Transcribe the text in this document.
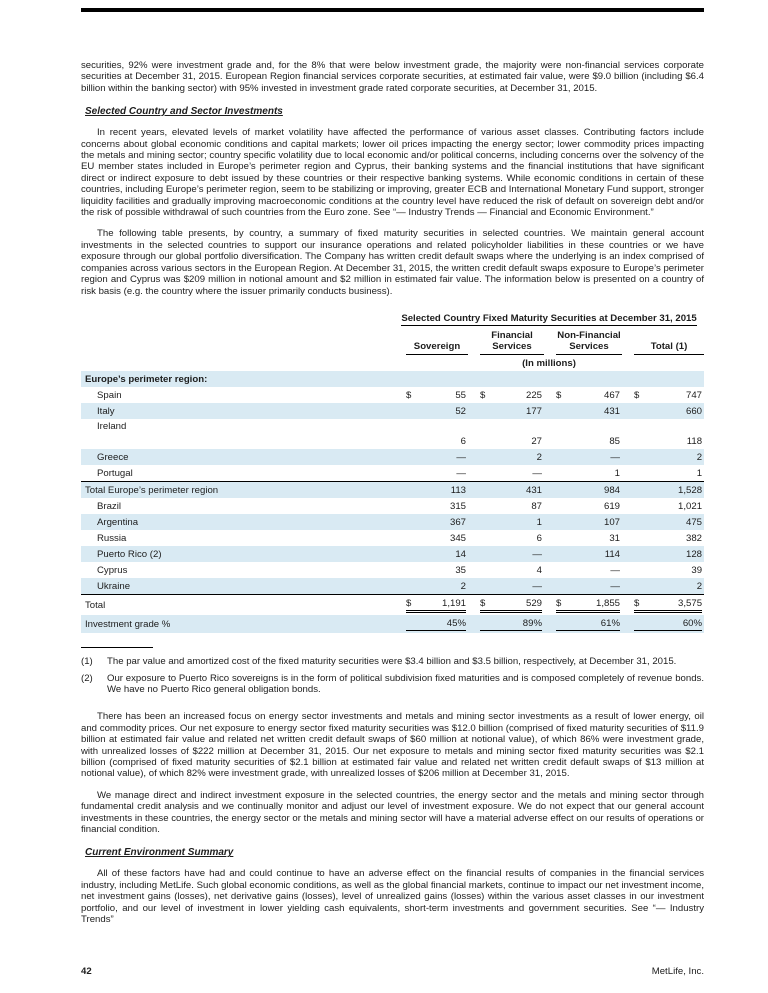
securities, 92% were investment grade and, for the 8% that were below investment grade, the majority were non-financial services corporate securities at December 31, 2015. European Region financial services corporate securities, at estimated fair value, were $9.0 billion (including $6.4 billion within the banking sector) with 95% invested in investment grade rated corporate securities, at December 31, 2015.

Selected Country and Sector Investments

In recent years, elevated levels of market volatility have affected the performance of various asset classes. Contributing factors include concerns about global economic conditions and capital markets; lower oil prices impacting the energy sector; lower commodity prices impacting the metals and mining sector; country specific volatility due to local economic and/or political concerns, including concerns over the solvency of the EU member states included in Europe’s perimeter region and Cyprus, their banking systems and the financial institutions that have significant direct or indirect exposure to debt issued by these countries or their respective banking systems. While economic conditions in certain of these countries, including Europe’s perimeter region, seem to be stabilizing or improving, greater ECB and International Monetary Fund support, stronger liquidity facilities and gradually improving macroeconomic conditions at the country level have reduced the risk of default on sovereign debt and/or the risk of possible withdrawal of such countries from the Euro zone. See “— Industry Trends — Financial and Economic Environment.”

The following table presents, by country, a summary of fixed maturity securities in selected countries. We maintain general account investments in the selected countries to support our insurance operations and related policyholder liabilities in these countries or we have exposure through our global portfolio diversification. The Company has written credit default swaps where the underlying is an index comprised of companies across various sectors in the European Region. At December 31, 2015, the written credit default swaps exposure to Europe’s perimeter region and Cyprus was $209 million in notional amount and $2 million in estimated fair value. The information below is presented on a country of risk basis (e.g. the country where the issuer primarily conducts business).

	Selected Country Fixed Maturity Securities at December 31, 2015			

	Sovereign	Financial Services	Non-Financial Services	Total (1)

	(In millions)			
Europe’s perimeter region:				
Spain	$ 55	$ 225	$ 467	$ 747

Italy	52	177	431	660

Ireland	6	27	85	118

Greece	—	2	—	2

Portugal	—	—	1	1

Total Europe’s perimeter region	113	431	984	1,528

Brazil	315	87	619	1,021

Argentina	367	1	107	475

Russia	345	6	31	382

Puerto Rico (2)	14	—	114	128

Cyprus	35	4	—	39

Ukraine	2	—	—	2

Total	$ 1,191	$ 529	$ 1,855	$ 3,575

Investment grade %	45%	89%	61%	60%
(1)	The par value and amortized cost of the fixed maturity securities were $3.4 billion and $3.5 billion, respectively, at December 31, 2015.
(2)	Our exposure to Puerto Rico sovereigns is in the form of political subdivision fixed maturities and is composed completely of revenue bonds. We have no Puerto Rico general obligation bonds.

There has been an increased focus on energy sector investments and metals and mining sector investments as a result of lower energy, oil and commodity prices. Our net exposure to energy sector fixed maturity securities was $12.0 billion (comprised of fixed maturity securities of $11.9 billion at estimated fair value and related net written credit default swaps of $60 million at notional value), of which 86% were investment grade, with unrealized losses of $222 million at December 31, 2015. Our net exposure to metals and mining sector fixed maturity securities was $2.1 billion (comprised of fixed maturity securities of $2.1 billion at estimated fair value and related net written credit default swaps of $13 million at notional value), of which 82% were investment grade, with unrealized losses of $206 million at December 31, 2015.

We manage direct and indirect investment exposure in the selected countries, the energy sector and the metals and mining sector through fundamental credit analysis and we continually monitor and adjust our level of investment exposure. We do not expect that our general account investments in these countries, the energy sector or the metals and mining sector will have a material adverse effect on our results of operations or financial condition.

Current Environment Summary

All of these factors have had and could continue to have an adverse effect on the financial results of companies in the financial services industry, including MetLife. Such global economic conditions, as well as the global financial markets, continue to impact our net investment income, net investment gains (losses), net derivative gains (losses), level of unrealized gains (losses) within the various asset classes in our investment portfolio, and our level of investment in lower yielding cash equivalents, short-term investments and government securities. See “— Industry Trends”

42	MetLife, Inc.
